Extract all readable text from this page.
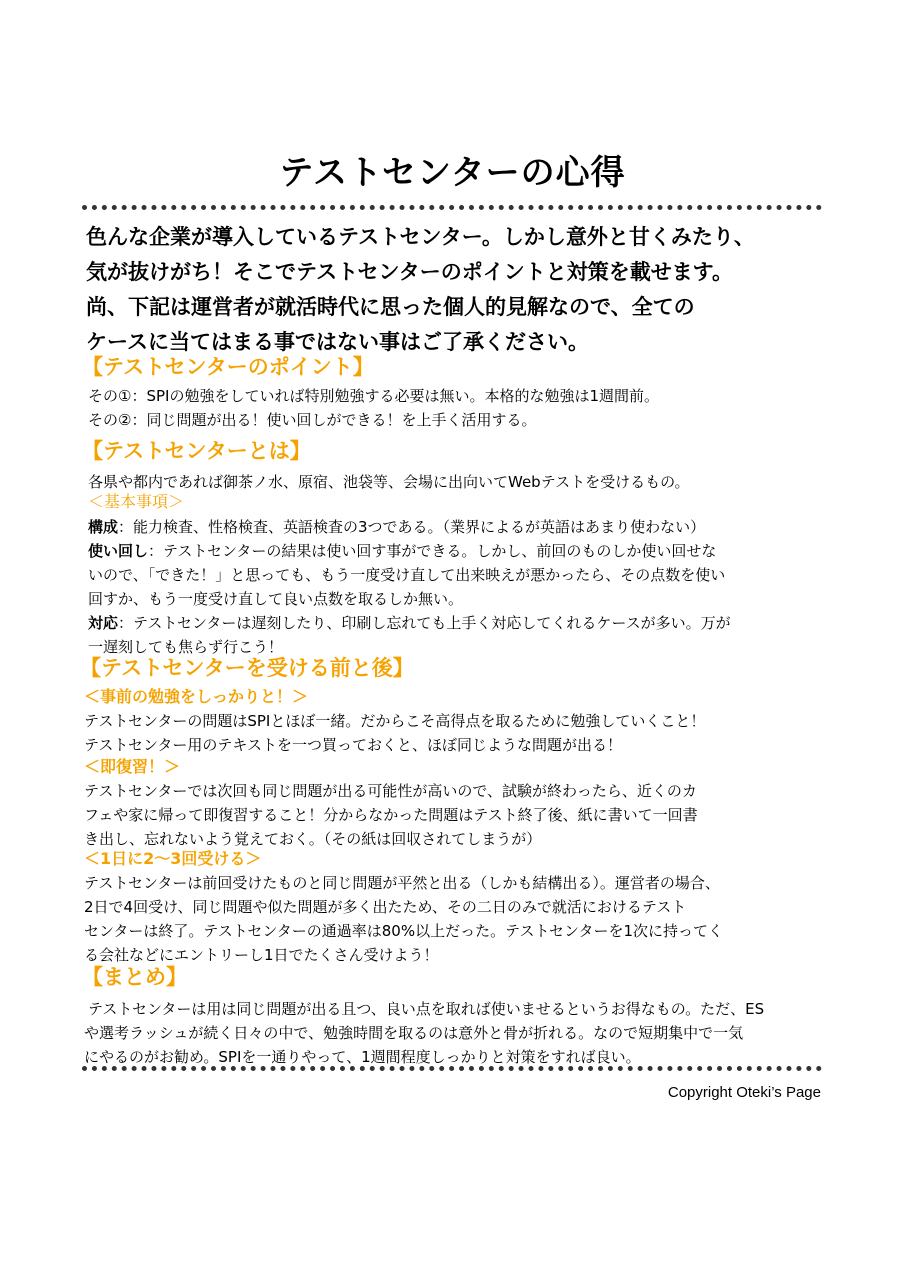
テストセンターの心得
色んな企業が導入しているテストセンター。しかし意外と甘くみたり、
気が抜けがち！そこでテストセンターのポイントと対策を載せます。
尚、下記は運営者が就活時代に思った個人的見解なので、全ての
ケースに当てはまる事ではない事はご了承ください。
【テストセンターのポイント】
その①：SPIの勉強をしていれば特別勉強する必要は無い。本格的な勉強は1週間前。
その②：同じ問題が出る！使い回しができる！を上手く活用する。
【テストセンターとは】
各県や都内であれば御茶ノ水、原宿、池袋等、会場に出向いてWebテストを受けるもの。
＜基本事項＞
構成：能力検査、性格検査、英語検査の3つである。（業界によるが英語はあまり使わない）
使い回し：テストセンターの結果は使い回す事ができる。しかし、前回のものしか使い回せな
いので、「できた！」と思っても、もう一度受け直して出来映えが悪かったら、その点数を使い
回すか、もう一度受け直して良い点数を取るしか無い。
対応：テストセンターは遅刻したり、印刷し忘れても上手く対応してくれるケースが多い。万が
一遅刻しても焦らず行こう！
【テストセンターを受ける前と後】
＜事前の勉強をしっかりと！＞
テストセンターの問題はSPIとほぼ一緒。だからこそ高得点を取るために勉強していくこと！
テストセンター用のテキストを一つ買っておくと、ほぼ同じような問題が出る！
＜即復習！＞
テストセンターでは次回も同じ問題が出る可能性が高いので、試験が終わったら、近くのカ
フェや家に帰って即復習すること！分からなかった問題はテスト終了後、紙に書いて一回書
き出し、忘れないよう覚えておく。（その紙は回収されてしまうが）
＜1日に2～3回受ける＞
テストセンターは前回受けたものと同じ問題が平然と出る（しかも結構出る）。運営者の場合、
2日で4回受け、同じ問題や似た問題が多く出たため、その二日のみで就活におけるテスト
センターは終了。テストセンターの通過率は80%以上だった。テストセンターを1次に持ってく
る会社などにエントリーし1日でたくさん受けよう！
【まとめ】
テストセンターは用は同じ問題が出る且つ、良い点を取れば使いませるというお得なもの。ただ、ES
や選考ラッシュが続く日々の中で、勉強時間を取るのは意外と骨が折れる。なので短期集中で一気
にやるのがお勧め。SPIを一通りやって、1週間程度しっかりと対策をすれば良い。
Copyright Oteki’s Page
